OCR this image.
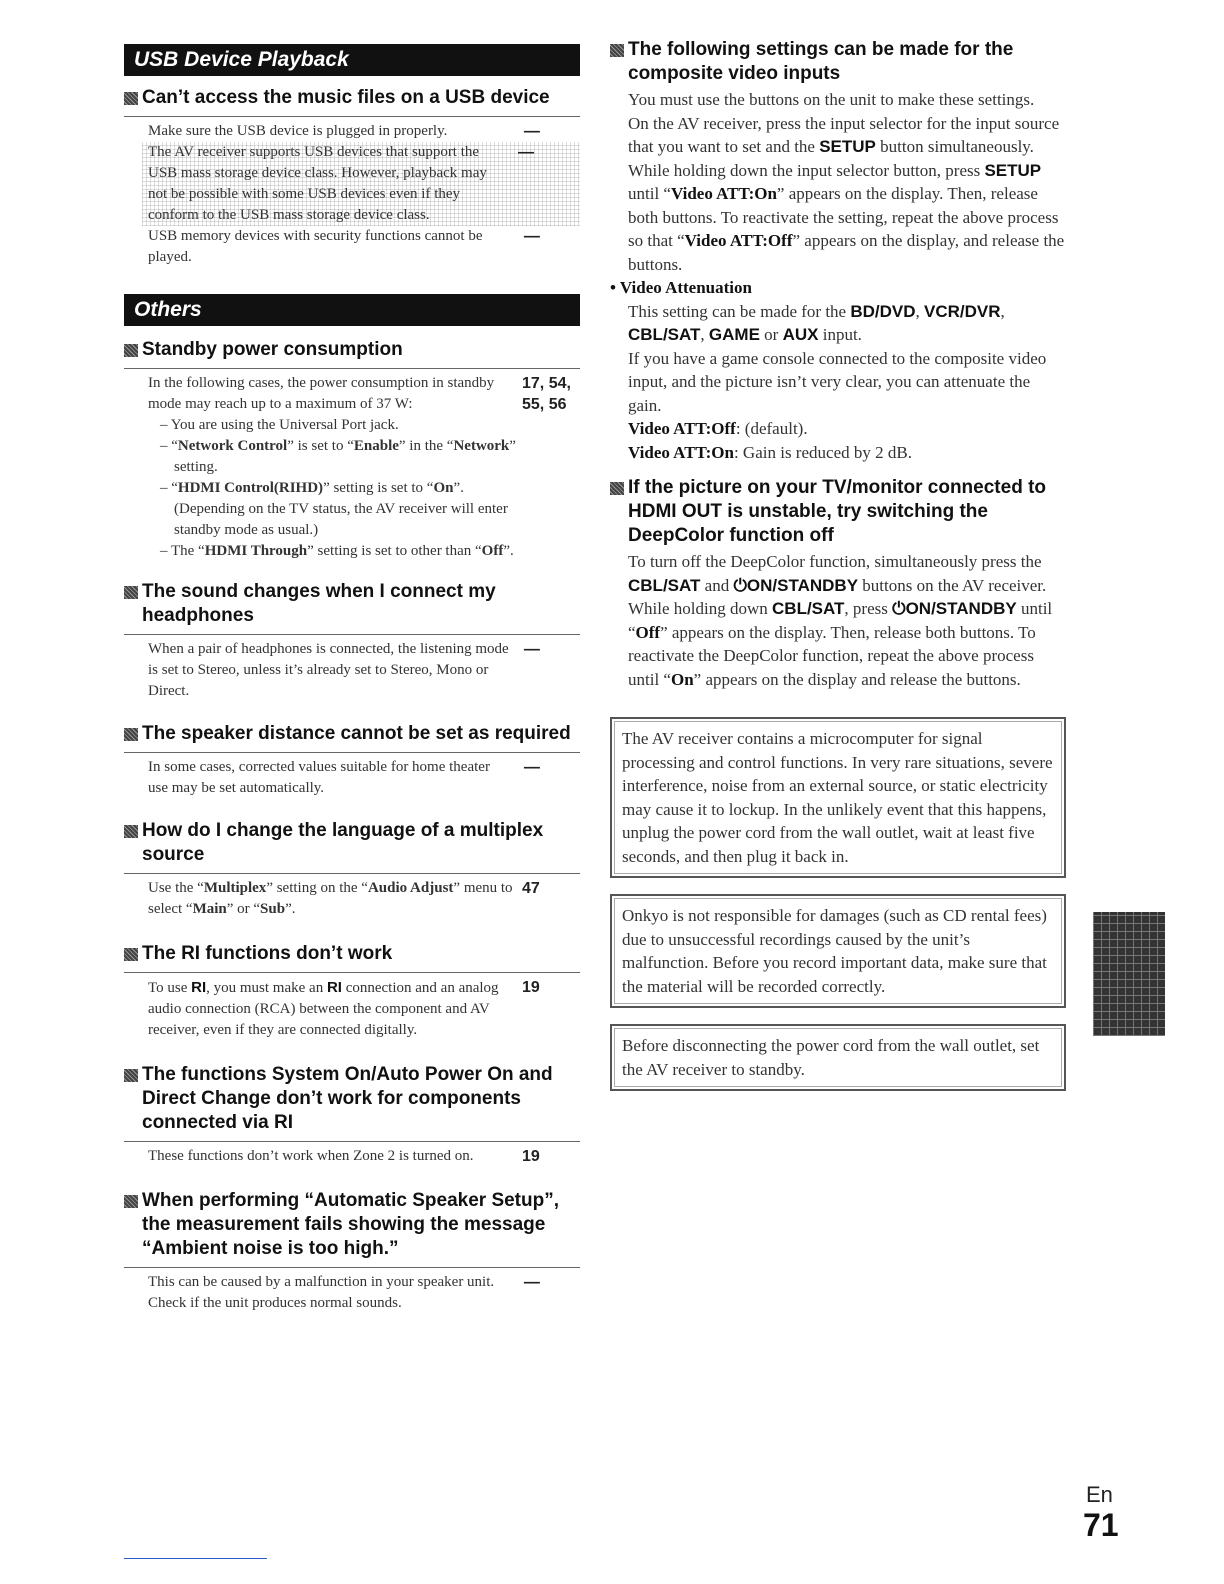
USB Device Playback
Can’t access the music files on a USB device
Make sure the USB device is plugged in properly.	—
The AV receiver supports USB devices that support the USB mass storage device class. However, playback may not be possible with some USB devices even if they conform to the USB mass storage device class.
—
USB memory devices with security functions cannot be played.
—
Others
Standby power consumption
In the following cases, the power consumption in standby mode may reach up to a maximum of 37 W:
– You are using the Universal Port jack.
– “Network Control” is set to “Enable” in the “Network” setting.
– “HDMI Control(RIHD)” setting is set to “On”.
(Depending on the TV status, the AV receiver will enter standby mode as usual.)
– The “HDMI Through” setting is set to other than “Off”.
17, 54,
55, 56
The sound changes when I connect my headphones
When a pair of headphones is connected, the listening mode is set to Stereo, unless it’s already set to Stereo, Mono or Direct.
—
The speaker distance cannot be set as required
In some cases, corrected values suitable for home theater use may be set automatically.
—
How do I change the language of a multiplex source
Use the “Multiplex” setting on the “Audio Adjust” menu to select “Main” or “Sub”.
47
The RI functions don’t work
To use RI, you must make an RI connection and an analog audio connection (RCA) between the component and AV receiver, even if they are connected digitally.
19
The functions System On/Auto Power On and Direct Change don’t work for components connected via RI
These functions don’t work when Zone 2 is turned on.	19
When performing “Automatic Speaker Setup”, the measurement fails showing the message “Ambient noise is too high.”
This can be caused by a malfunction in your speaker unit. Check if the unit produces normal sounds.
—
The following settings can be made for the composite video inputs
You must use the buttons on the unit to make these settings.
On the AV receiver, press the input selector for the input source that you want to set and the SETUP button simultaneously. While holding down the input selector button, press SETUP until “Video ATT:On” appears on the display. Then, release both buttons. To reactivate the setting, repeat the above process so that “Video ATT:Off” appears on the display, and release the buttons.
• Video Attenuation
This setting can be made for the BD/DVD, VCR/DVR, CBL/SAT, GAME or AUX input.
If you have a game console connected to the composite video input, and the picture isn’t very clear, you can attenuate the gain.
Video ATT:Off: (default).
Video ATT:On: Gain is reduced by 2 dB.
If the picture on your TV/monitor connected to HDMI OUT is unstable, try switching the DeepColor function off
To turn off the DeepColor function, simultaneously press the CBL/SAT and ⏻ON/STANDBY buttons on the AV receiver. While holding down CBL/SAT, press ⏻ON/STANDBY until “Off” appears on the display. Then, release both buttons. To reactivate the DeepColor function, repeat the above process until “On” appears on the display and release the buttons.
The AV receiver contains a microcomputer for signal processing and control functions. In very rare situations, severe interference, noise from an external source, or static electricity may cause it to lockup. In the unlikely event that this happens, unplug the power cord from the wall outlet, wait at least five seconds, and then plug it back in.
Onkyo is not responsible for damages (such as CD rental fees) due to unsuccessful recordings caused by the unit’s malfunction. Before you record important data, make sure that the material will be recorded correctly.
Before disconnecting the power cord from the wall outlet, set the AV receiver to standby.
En
71
